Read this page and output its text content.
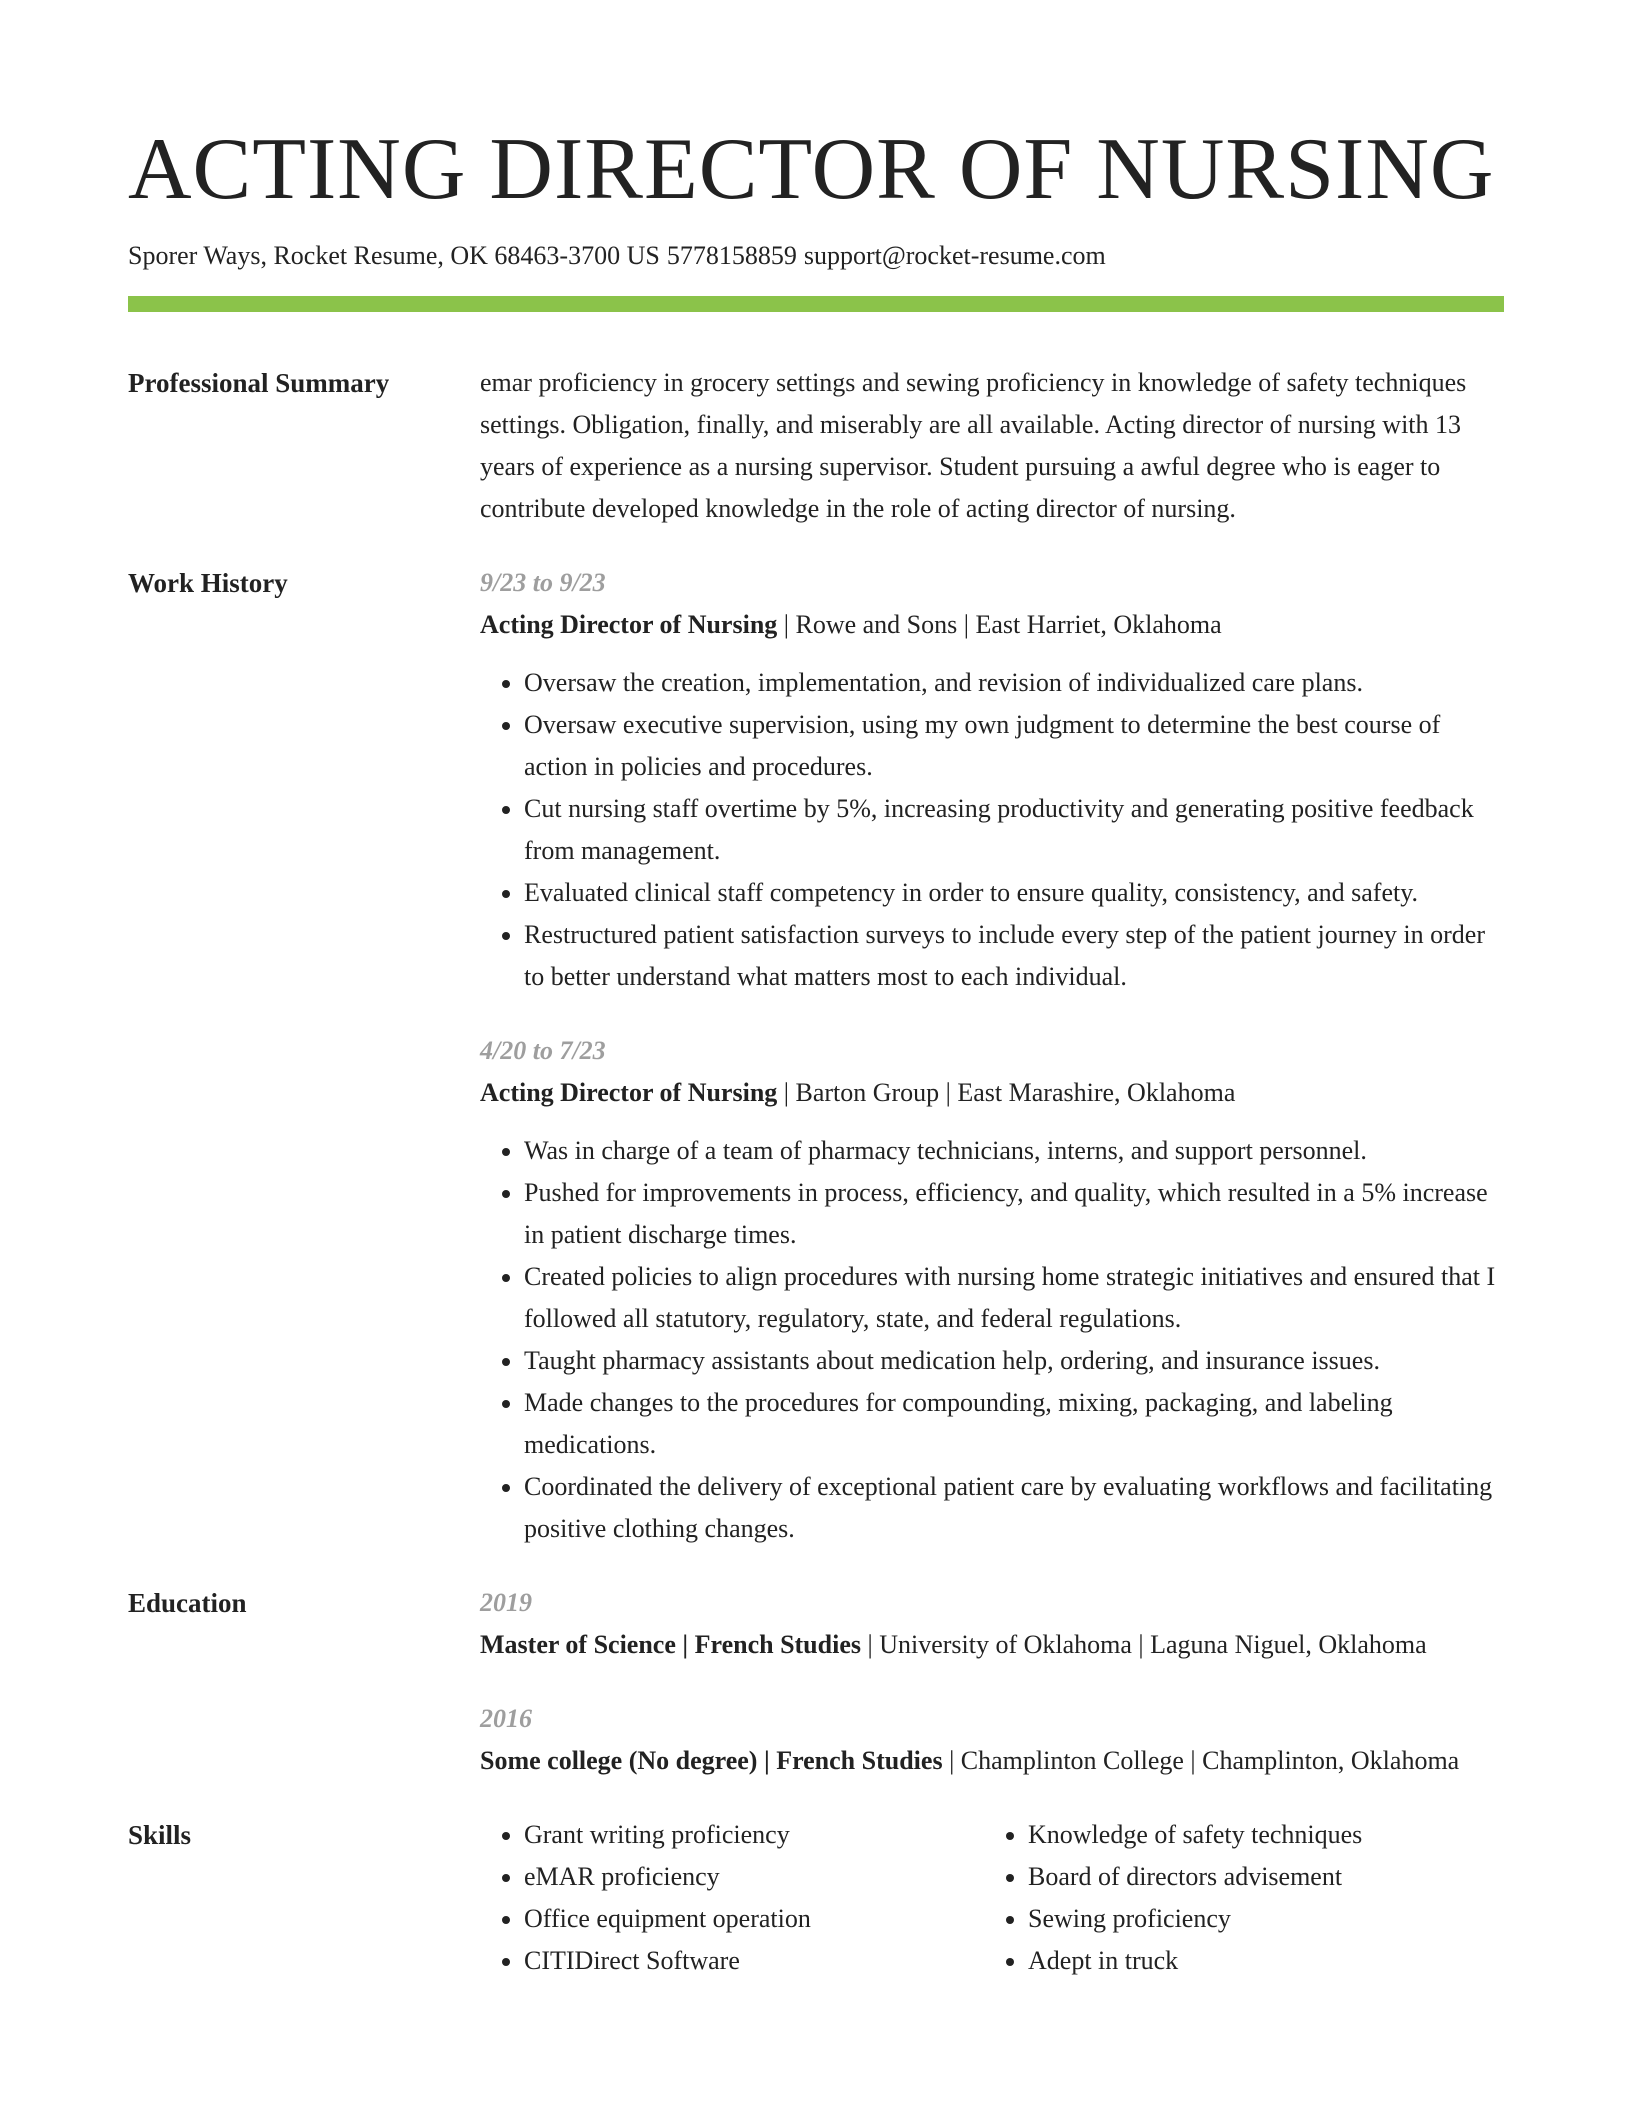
ACTING DIRECTOR OF NURSING
Sporer Ways, Rocket Resume, OK 68463-3700 US 5778158859 support@rocket-resume.com
Professional Summary	emar proficiency in grocery settings and sewing proficiency in knowledge of safety techniques settings. Obligation, finally, and miserably are all available. Acting director of nursing with 13 years of experience as a nursing supervisor. Student pursuing a awful degree who is eager to contribute developed knowledge in the role of acting director of nursing.
Work History	9/23 to 9/23
Acting Director of Nursing | Rowe and Sons | East Harriet, Oklahoma
• Oversaw the creation, implementation, and revision of individualized care plans.
• Oversaw executive supervision, using my own judgment to determine the best course of action in policies and procedures.
• Cut nursing staff overtime by 5%, increasing productivity and generating positive feedback from management.
• Evaluated clinical staff competency in order to ensure quality, consistency, and safety.
• Restructured patient satisfaction surveys to include every step of the patient journey in order to better understand what matters most to each individual.
4/20 to 7/23
Acting Director of Nursing | Barton Group | East Marashire, Oklahoma
• Was in charge of a team of pharmacy technicians, interns, and support personnel.
• Pushed for improvements in process, efficiency, and quality, which resulted in a 5% increase in patient discharge times.
• Created policies to align procedures with nursing home strategic initiatives and ensured that I followed all statutory, regulatory, state, and federal regulations.
• Taught pharmacy assistants about medication help, ordering, and insurance issues.
• Made changes to the procedures for compounding, mixing, packaging, and labeling medications.
• Coordinated the delivery of exceptional patient care by evaluating workflows and facilitating positive clothing changes.
Education	2019
Master of Science | French Studies | University of Oklahoma | Laguna Niguel, Oklahoma
2016
Some college (No degree) | French Studies | Champlinton College | Champlinton, Oklahoma
Skills
•	Grant writing proficiency
• eMAR proficiency
• Office equipment operation
• CITIDirect Software
• Knowledge of safety techniques
• Board of directors advisement
• Sewing proficiency
• Adept in truck
